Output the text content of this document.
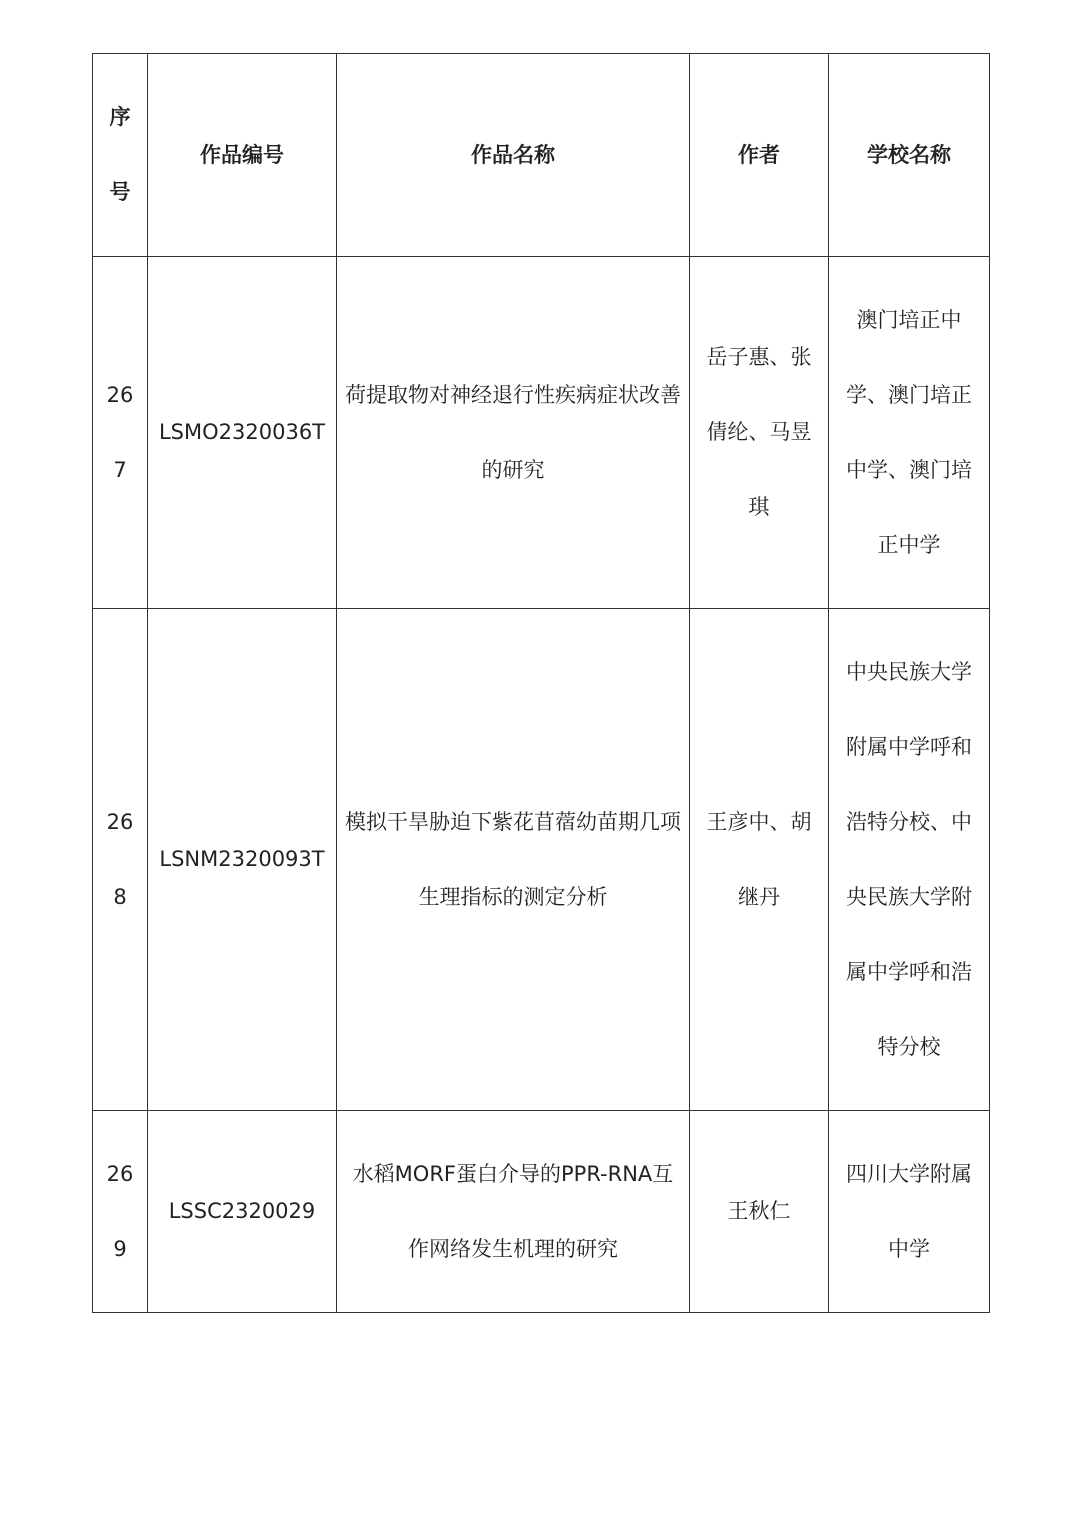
序号	作品编号	作品名称	作者	学校名称
267	LSMO2320036T	荷提取物对神经退行性疾病症状改善的研究	岳子惠、张倩纶、马昱琪	澳门培正中学、澳门培正中学、澳门培正中学
268	LSNM2320093T	模拟干旱胁迫下紫花苜蓿幼苗期几项生理指标的测定分析	王彦中、胡继丹	中央民族大学附属中学呼和浩特分校、中央民族大学附属中学呼和浩特分校
269	LSSC2320029	水稻MORF蛋白介导的PPR-RNA互作网络发生机理的研究	王秋仁	四川大学附属中学
